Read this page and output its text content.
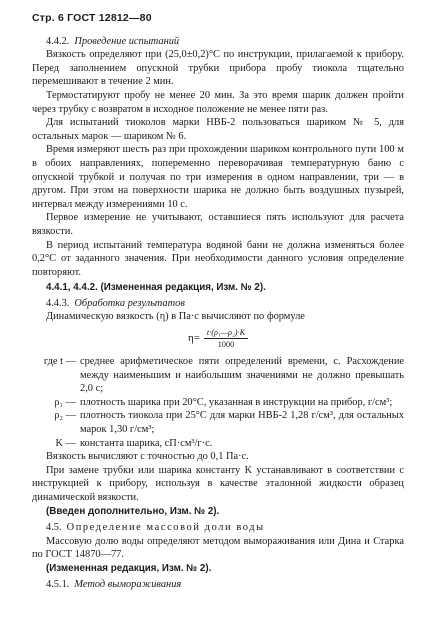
Стр. 6 ГОСТ 12812—80
4.4.2. Проведение испытаний

Вязкость определяют при (25,0±0,2)°С по инструкции, прилагаемой к прибору. Перед заполнением опускной трубки прибора пробу тиокола тщательно перемешивают в течение 2 мин.

Термостатируют пробу не менее 20 мин. За это время шарик должен пройти через трубку с возвратом в исходное положение не менее пяти раз.

Для испытаний тиоколов марки НВБ-2 пользоваться шариком № 5, для остальных марок — шариком № 6.

Время измеряют шесть раз при прохождении шариком контрольного пути 100 м в обоих направлениях, попеременно переворачивая температурную баню с опускной трубкой и получая по три измерения в одном направлении, три — в другом. При этом на поверхности шарика не должно быть воздушных пузырей, интервал между измерениями 10 с.

Первое измерение не учитывают, оставшиеся пять используют для расчета вязкости.

В период испытаний температура водяной бани не должна изменяться более 0,2°С от заданного значения. При необходимости данного условия определение повторяют.

4.4.1, 4.4.2. (Измененная редакция, Изм. № 2).

4.4.3. Обработка результатов

Динамическую вязкость (η) в Па·с вычисляют по формуле

$\eta= \frac{\text{t·(ρ₁—ρ₂)·K}}{1000}$
где t — среднее арифметическое пяти определений времени, с. Расхождение между наименьшим и наибольшим значениями не должно превышать 2,0 с;
ρ₁ — плотность шарика при 20°С, указанная в инструкции на прибор, г/см³;
ρ₂ — плотность тиокола при 25°С для марки НВБ-2 1,28 г/см³, для остальных марок 1,30 г/см³;
K — константа шарика, сП·см³/г·с.

Вязкость вычисляют с точностью до 0,1 Па·с.

При замене трубки или шарика константу K устанавливают в соответствии с инструкцией к прибору, используя в качестве эталонной жидкости образец динамической вязкости.

(Введен дополнительно, Изм. № 2).

4.5. Определение массовой доли воды

Массовую долю воды определяют методом вымораживания или Дина и Старка по ГОСТ 14870—77.

(Измененная редакция, Изм. № 2).

4.5.1. Метод вымораживания
